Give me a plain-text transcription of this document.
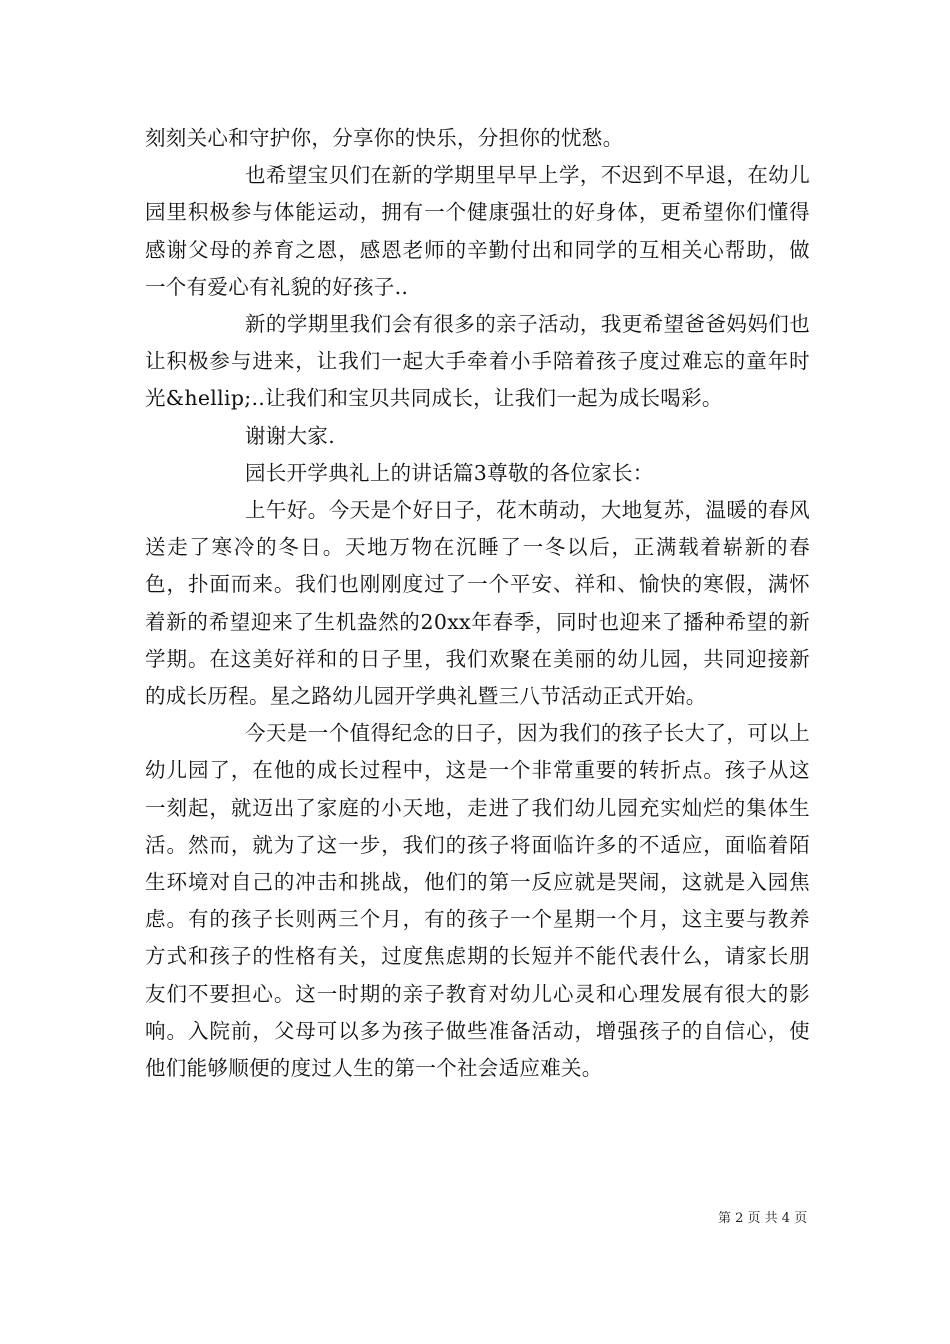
刻刻关心和守护你，分享你的快乐，分担你的忧愁。

也希望宝贝们在新的学期里早早上学，不迟到不早退，在幼儿园里积极参与体能运动，拥有一个健康强壮的好身体，更希望你们懂得感谢父母的养育之恩，感恩老师的辛勤付出和同学的互相关心帮助，做一个有爱心有礼貌的好孩子..

新的学期里我们会有很多的亲子活动，我更希望爸爸妈妈们也让积极参与进来，让我们一起大手牵着小手陪着孩子度过难忘的童年时光&hellip;..让我们和宝贝共同成长，让我们一起为成长喝彩。

谢谢大家.

园长开学典礼上的讲话篇3尊敬的各位家长：

上午好。今天是个好日子，花木萌动，大地复苏，温暖的春风送走了寒冷的冬日。天地万物在沉睡了一冬以后，正满载着崭新的春色，扑面而来。我们也刚刚度过了一个平安、祥和、愉快的寒假，满怀着新的希望迎来了生机盎然的20xx年春季，同时也迎来了播种希望的新学期。在这美好祥和的日子里，我们欢聚在美丽的幼儿园，共同迎接新的成长历程。星之路幼儿园开学典礼暨三八节活动正式开始。

今天是一个值得纪念的日子，因为我们的孩子长大了，可以上幼儿园了，在他的成长过程中，这是一个非常重要的转折点。孩子从这一刻起，就迈出了家庭的小天地，走进了我们幼儿园充实灿烂的集体生活。然而，就为了这一步，我们的孩子将面临许多的不适应，面临着陌生环境对自己的冲击和挑战，他们的第一反应就是哭闹，这就是入园焦虑。有的孩子长则两三个月，有的孩子一个星期一个月，这主要与教养方式和孩子的性格有关，过度焦虑期的长短并不能代表什么，请家长朋友们不要担心。这一时期的亲子教育对幼儿心灵和心理发展有很大的影响。入院前，父母可以多为孩子做些准备活动，增强孩子的自信心，使他们能够顺便的度过人生的第一个社会适应难关。

第 2 页 共 4 页
